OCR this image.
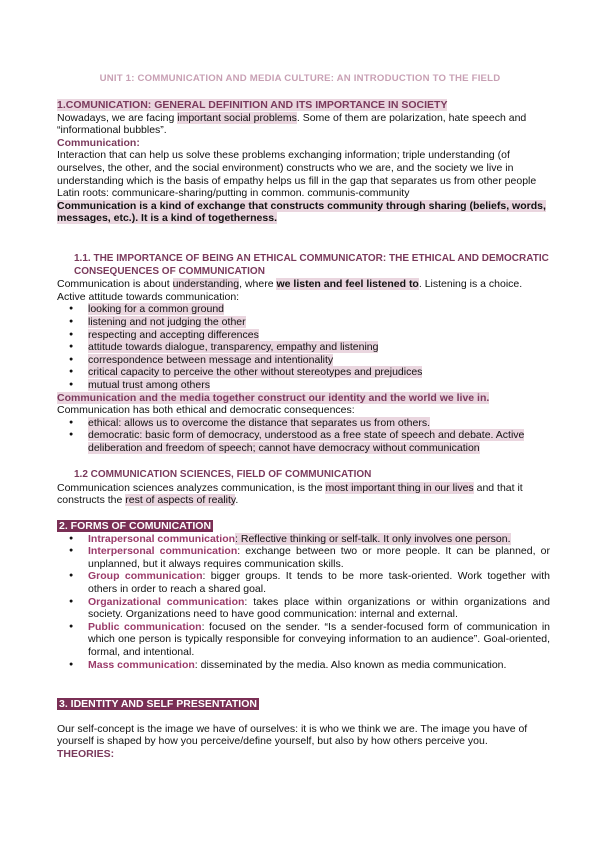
UNIT 1: COMMUNICATION AND MEDIA CULTURE: AN INTRODUCTION TO THE FIELD
1.COMUNICATION: GENERAL DEFINITION AND ITS IMPORTANCE IN SOCIETY
Nowadays, we are facing important social problems. Some of them are polarization, hate speech and “informational bubbles”.
Communication:
Interaction that can help us solve these problems exchanging information; triple understanding (of ourselves, the other, and the social environment) constructs who we are, and the society we live in understanding which is the basis of empathy helps us fill in the gap that separates us from other people
Latin roots: communicare-sharing/putting in common. communis-community
Communication is a kind of exchange that constructs community through sharing (beliefs, words, messages, etc.). It is a kind of togetherness.
1.1. THE IMPORTANCE OF BEING AN ETHICAL COMMUNICATOR: THE ETHICAL AND DEMOCRATIC CONSEQUENCES OF COMMUNICATION
Communication is about understanding, where we listen and feel listened to. Listening is a choice.
Active attitude towards communication:
● looking for a common ground
● listening and not judging the other
● respecting and accepting differences
● attitude towards dialogue, transparency, empathy and listening
● correspondence between message and intentionality
● critical capacity to perceive the other without stereotypes and prejudices
● mutual trust among others
Communication and the media together construct our identity and the world we live in.
Communication has both ethical and democratic consequences:
● ethical: allows us to overcome the distance that separates us from others.
● democratic: basic form of democracy, understood as a free state of speech and debate. Active deliberation and freedom of speech; cannot have democracy without communication
1.2 COMMUNICATION SCIENCES, FIELD OF COMMUNICATION
Communication sciences analyzes communication, is the most important thing in our lives and that it constructs the rest of aspects of reality.
2. FORMS OF COMUNICATION
● Intrapersonal communication: Reflective thinking or self-talk. It only involves one person.
● Interpersonal communication: exchange between two or more people. It can be planned, or unplanned, but it always requires communication skills.
● Group communication: bigger groups. It tends to be more task-oriented. Work together with others in order to reach a shared goal.
● Organizational communication: takes place within organizations or within organizations and society. Organizations need to have good communication: internal and external.
● Public communication: focused on the sender. “Is a sender-focused form of communication in which one person is typically responsible for conveying information to an audience”. Goal-oriented, formal, and intentional.
● Mass communication: disseminated by the media. Also known as media communication.
3. IDENTITY AND SELF PRESENTATION
Our self-concept is the image we have of ourselves: it is who we think we are. The image you have of yourself is shaped by how you perceive/define yourself, but also by how others perceive you.
THEORIES:
